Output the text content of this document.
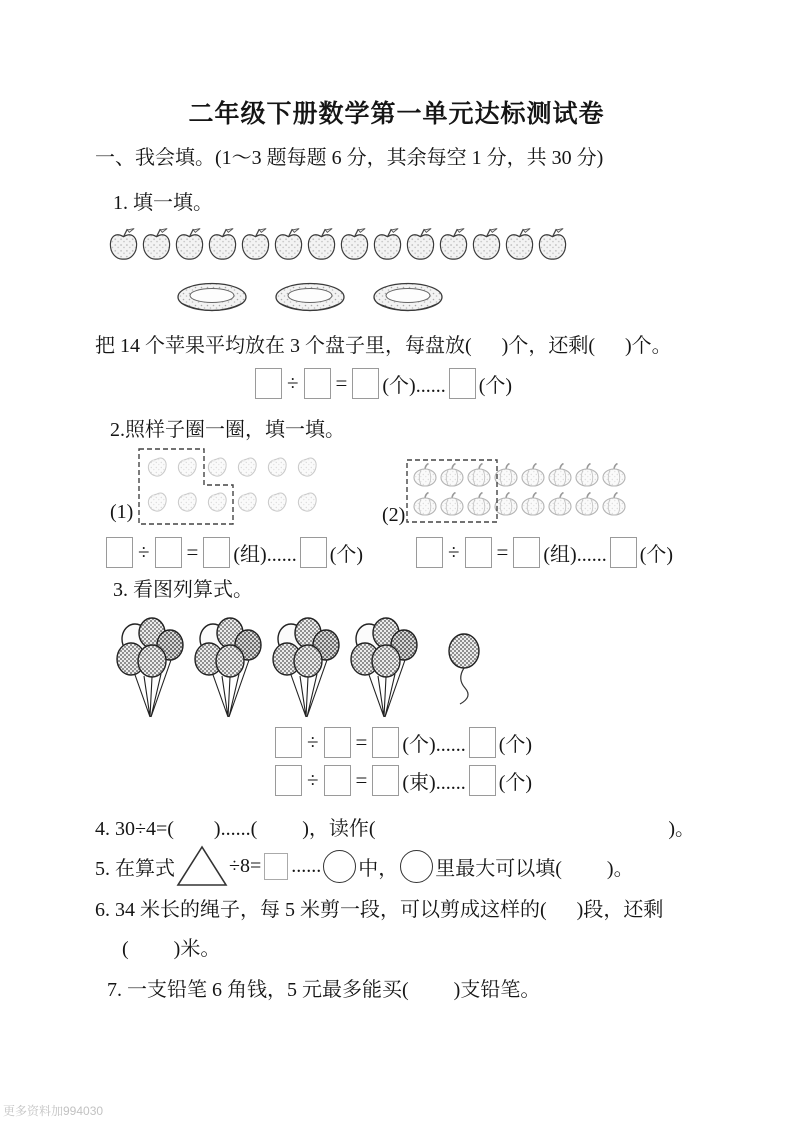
二年级下册数学第一单元达标测试卷
一、我会填。(1～3 题每题 6 分，其余每空 1 分，共 30 分)
1. 填一填。
把 14 个苹果平均放在 3 个盘子里，每盘放(      )个，还剩(      )个。
÷ = (个)...... (个)
2.照样子圈一圈，填一填。
(1)	(2)
÷ = (组)...... (个)	÷ = (组)...... (个)
3. 看图列算式。
÷ = (个)...... (个)
÷ = (束)...... (个)
4. 30÷4=(        )......(         )，读作(	)。
5. 在算式	÷8= ...... 中， 里最大可以填(         )。
6. 34 米长的绳子，每 5 米剪一段，可以剪成这样的(      )段，还剩
(         )米。
7. 一支铅笔 6 角钱，5 元最多能买(         )支铅笔。
更多资料加994030
